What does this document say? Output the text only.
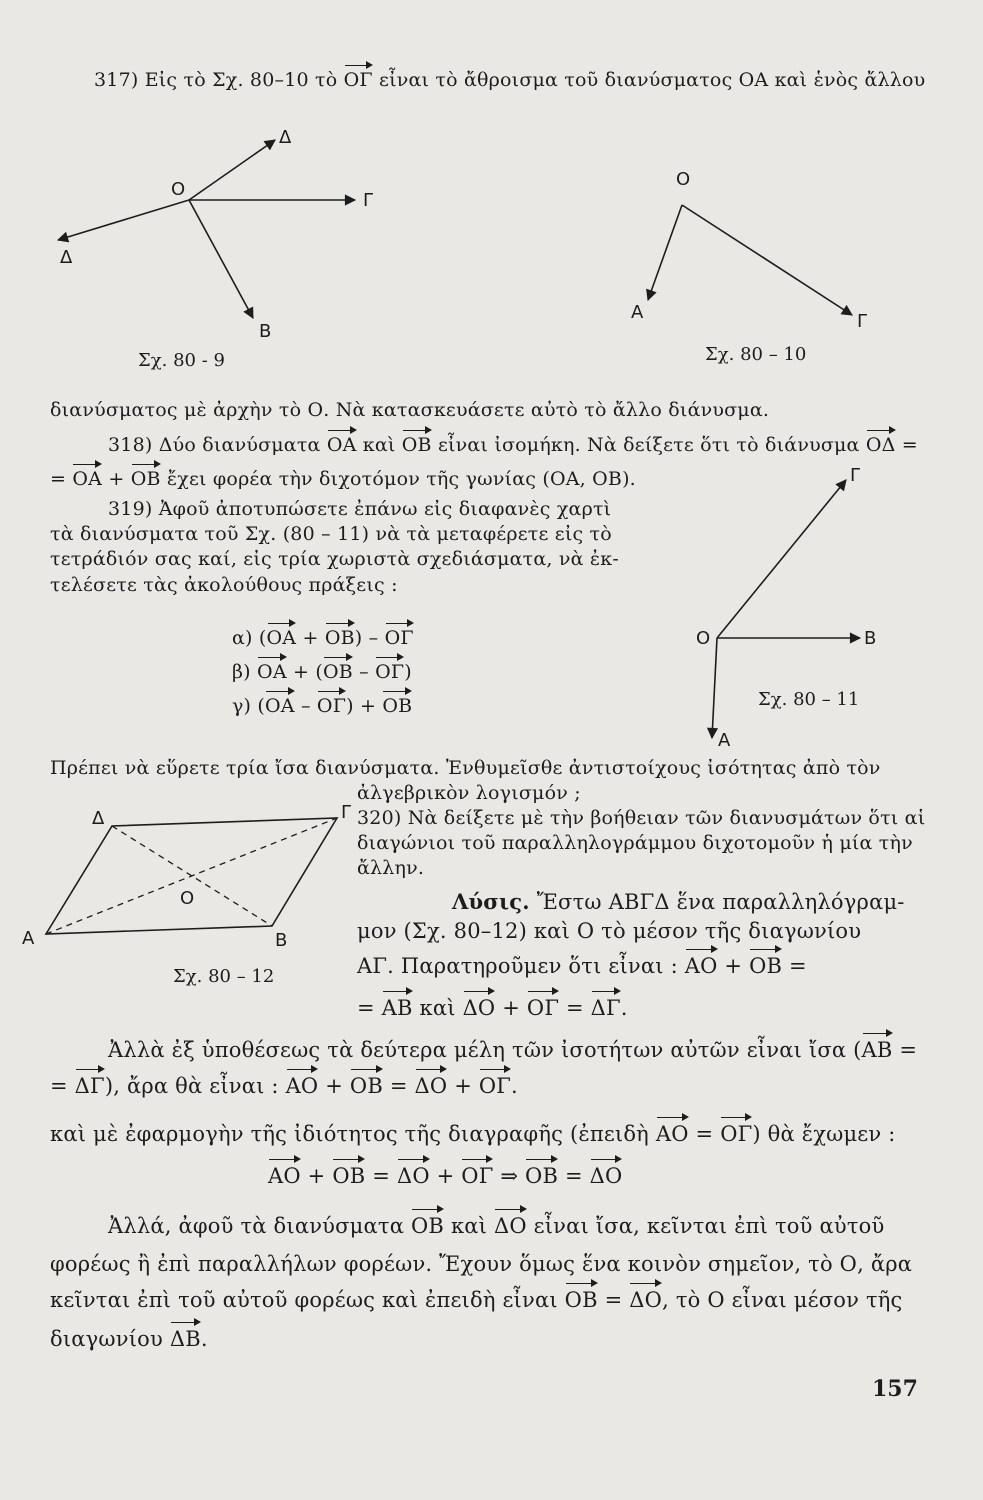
Ο
Δ
Γ
Δ
Β
Σχ. 80 - 9
Ο
Α	Γ
Σχ. 80 – 10
Γ
Ο	Β
Α
Σχ. 80 – 11
Δ	Γ
Ο
Α	Β
Σχ. 80 – 12
317) Εἰς τὸ Σχ. 80–10 τὸ ΟΓ εἶναι τὸ ἄθροισμα τοῦ διανύσματος ΟΑ καὶ ἑνὸς ἄλλου
διανύσματος μὲ ἀρχὴν τὸ Ο. Νὰ κατασκευάσετε αὐτὸ τὸ ἄλλο διάνυσμα.
318) Δύο διανύσματα ΟΑ καὶ ΟΒ εἶναι ἰσομήκη. Νὰ δείξετε ὅτι τὸ διάνυσμα ΟΔ =
= ΟΑ + ΟΒ ἔχει φορέα τὴν διχοτόμον τῆς γωνίας (ΟΑ, ΟΒ).
319) Ἀφοῦ ἀποτυπώσετε ἐπάνω εἰς διαφανὲς χαρτὶ
τὰ διανύσματα τοῦ Σχ. (80 – 11) νὰ τὰ μεταφέρετε εἰς τὸ
τετράδιόν σας καί, εἰς τρία χωριστὰ σχεδιάσματα, νὰ ἐκ-
τελέσετε τὰς ἀκολούθους πράξεις :
α) (ΟΑ + ΟΒ) – ΟΓ
β) ΟΑ + (ΟΒ – ΟΓ)
γ) (ΟΑ – ΟΓ) + ΟΒ
Πρέπει νὰ εὕρετε τρία ἴσα διανύσματα. Ἐνθυμεῖσθε ἀντιστοίχους ἰσότητας ἀπὸ τὸν
ἀλγεβρικὸν λογισμόν ;
320) Νὰ δείξετε μὲ τὴν βοήθειαν τῶν διανυσμάτων ὅτι αἱ
διαγώνιοι τοῦ παραλληλογράμμου διχοτομοῦν ἡ μία τὴν
ἄλλην.
Λύσις. Ἔστω ΑΒΓΔ ἕνα παραλληλόγραμ-
μον (Σχ. 80–12) καὶ Ο τὸ μέσον τῆς διαγωνίου
ΑΓ. Παρατηροῦμεν ὅτι εἶναι : ΑΟ + ΟΒ =
= ΑΒ καὶ ΔΟ + ΟΓ = ΔΓ.
Ἀλλὰ ἐξ ὑποθέσεως τὰ δεύτερα μέλη τῶν ἰσοτήτων αὐτῶν εἶναι ἴσα (ΑΒ =
= ΔΓ), ἄρα θὰ εἶναι : ΑΟ + ΟΒ = ΔΟ + ΟΓ.
καὶ μὲ ἐφαρμογὴν τῆς ἰδιότητος τῆς διαγραφῆς (ἐπειδὴ ΑΟ = ΟΓ) θὰ ἔχωμεν :
ΑΟ + ΟΒ = ΔΟ + ΟΓ ⇒ ΟΒ = ΔΟ
Ἀλλά, ἀφοῦ τὰ διανύσματα ΟΒ καὶ ΔΟ εἶναι ἴσα, κεῖνται ἐπὶ τοῦ αὐτοῦ
φορέως ἢ ἐπὶ παραλλήλων φορέων. Ἔχουν ὅμως ἕνα κοινὸν σημεῖον, τὸ Ο, ἄρα
κεῖνται ἐπὶ τοῦ αὐτοῦ φορέως καὶ ἐπειδὴ εἶναι ΟΒ = ΔΟ, τὸ Ο εἶναι μέσον τῆς
διαγωνίου ΔΒ.
157
